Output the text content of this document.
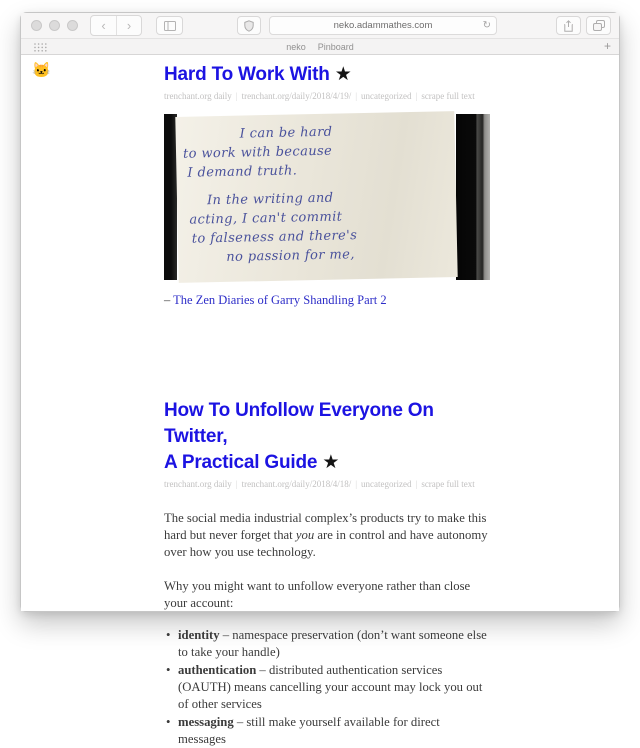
‹	›	neko.adammathes.com	↻
neko Pinboard	+
🐱	Hard To Work With ★
trenchant.org daily | trenchant.org/daily/2018/4/19/ | uncategorized | scrape full text
I can be hard
to work with because
I demand truth.
In the writing and
acting, I can't commit
to falseness and there's
no passion for me,
– The Zen Diaries of Garry Shandling Part 2
How To Unfollow Everyone On Twitter,
A Practical Guide ★
trenchant.org daily | trenchant.org/daily/2018/4/18/ | uncategorized | scrape full text

The social media industrial complex’s products try to make this hard but never forget that you are in control and have autonomy over how you use technology.

Why you might want to unfollow everyone rather than close your account:

• identity – namespace preservation (don’t want someone else to take your handle)
• authentication – distributed authentication services (OAUTH) means cancelling your account may lock you out of other services
• messaging – still make yourself available for direct messages
